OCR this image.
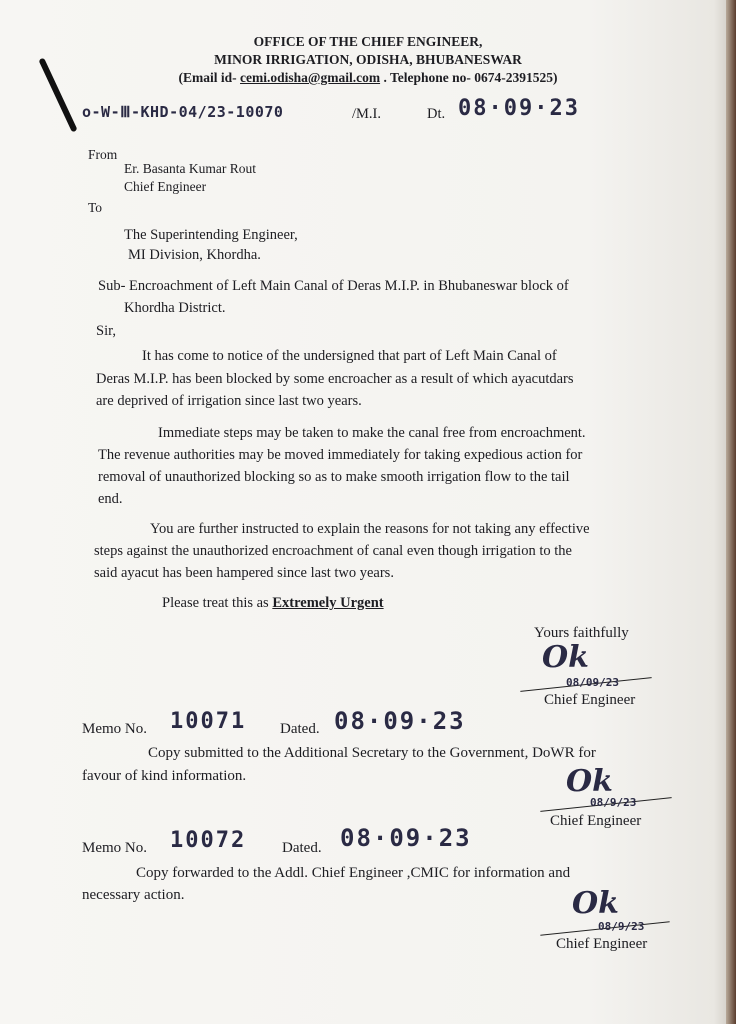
OFFICE OF THE CHIEF ENGINEER,
MINOR IRRIGATION, ODISHA, BHUBANESWAR
(Email id- cemi.odisha@gmail.com . Telephone no- 0674-2391525)
o-W-Ⅲ-KHD-04/23-10070	/M.I.	Dt. 08·09·23
From
Er. Basanta Kumar Rout
Chief Engineer
To
The Superintending Engineer,
MI Division, Khordha.
Sub- Encroachment of Left Main Canal of Deras M.I.P. in Bhubaneswar block of
Khordha District.
Sir,
It has come to notice of the undersigned that part of Left Main Canal of
Deras M.I.P. has been blocked by some encroacher as a result of which ayacutdars
are deprived of irrigation since last two years.
Immediate steps may be taken to make the canal free from encroachment.
The revenue authorities may be moved immediately for taking expedious action for
removal of unauthorized blocking so as to make smooth irrigation flow to the tail
end.
You are further instructed to explain the reasons for not taking any effective
steps against the unauthorized encroachment of canal even though irrigation to the
said ayacut has been hampered since last two years.
Please treat this as Extremely Urgent
Yours faithfully
Ok
08/09/23
Chief Engineer
Memo No. 10071 Dated. 08·09·23
Copy submitted to the Additional Secretary to the Government, DoWR for
favour of kind information.	Ok
08/9/23
Chief Engineer
Memo No. 10072 Dated. 08·09·23
Copy forwarded to the Addl. Chief Engineer ,CMIC for information and
necessary action.	Ok
08/9/23
Chief Engineer
